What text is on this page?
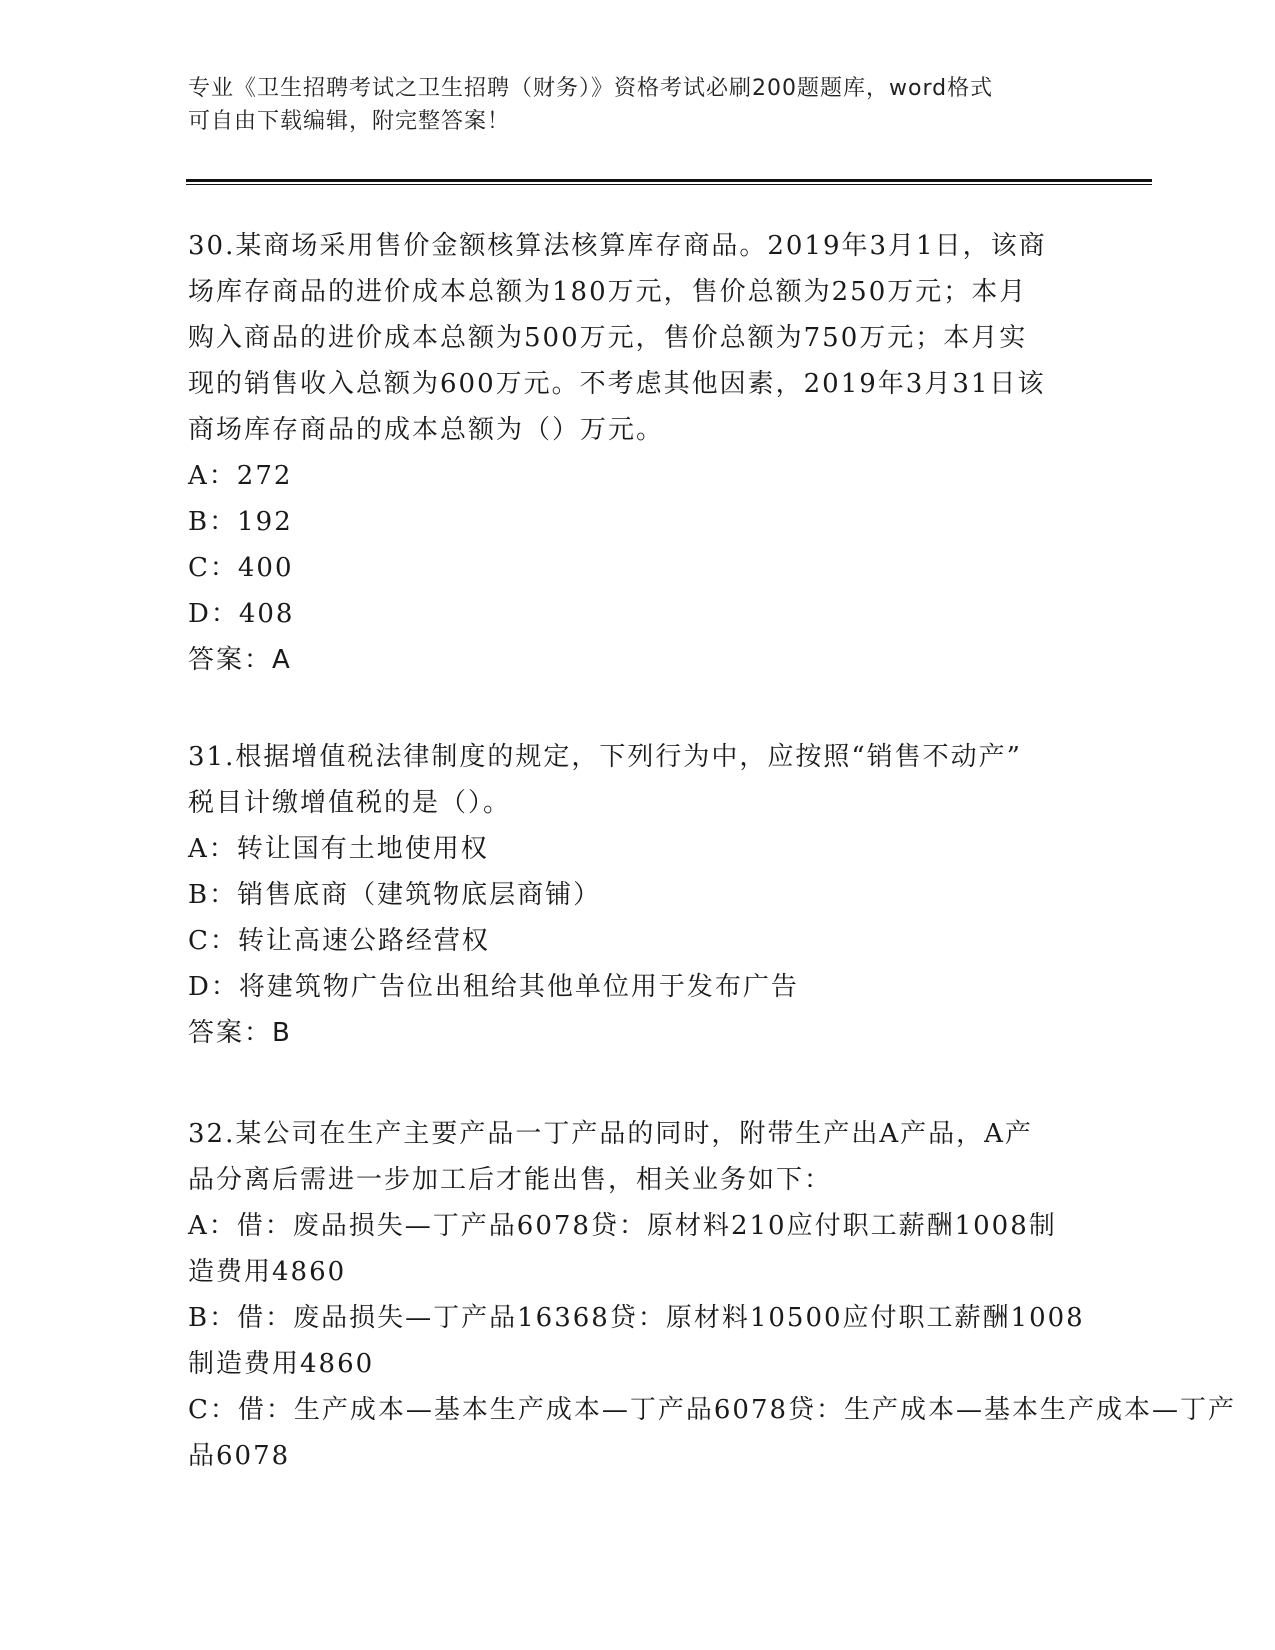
专业《卫生招聘考试之卫生招聘（财务）》资格考试必刷200题题库，word格式
可自由下载编辑，附完整答案！
30.某商场采用售价金额核算法核算库存商品。2019年3月1日，该商
场库存商品的进价成本总额为180万元，售价总额为250万元；本月
购入商品的进价成本总额为500万元，售价总额为750万元；本月实
现的销售收入总额为600万元。不考虑其他因素，2019年3月31日该
商场库存商品的成本总额为（）万元。
A：272
B：192
C：400
D：408
答案：A
31.根据增值税法律制度的规定，下列行为中，应按照“销售不动产”
税目计缴增值税的是（）。
A：转让国有土地使用权
B：销售底商（建筑物底层商铺）
C：转让高速公路经营权
D：将建筑物广告位出租给其他单位用于发布广告
答案：B
32.某公司在生产主要产品一丁产品的同时，附带生产出A产品，A产
品分离后需进一步加工后才能出售，相关业务如下：
A：借：废品损失—丁产品6078贷：原材料210应付职工薪酬1008制
造费用4860
B：借：废品损失—丁产品16368贷：原材料10500应付职工薪酬1008
制造费用4860
C：借：生产成本—基本生产成本—丁产品6078贷：生产成本—基本生产成本—丁产
品6078
